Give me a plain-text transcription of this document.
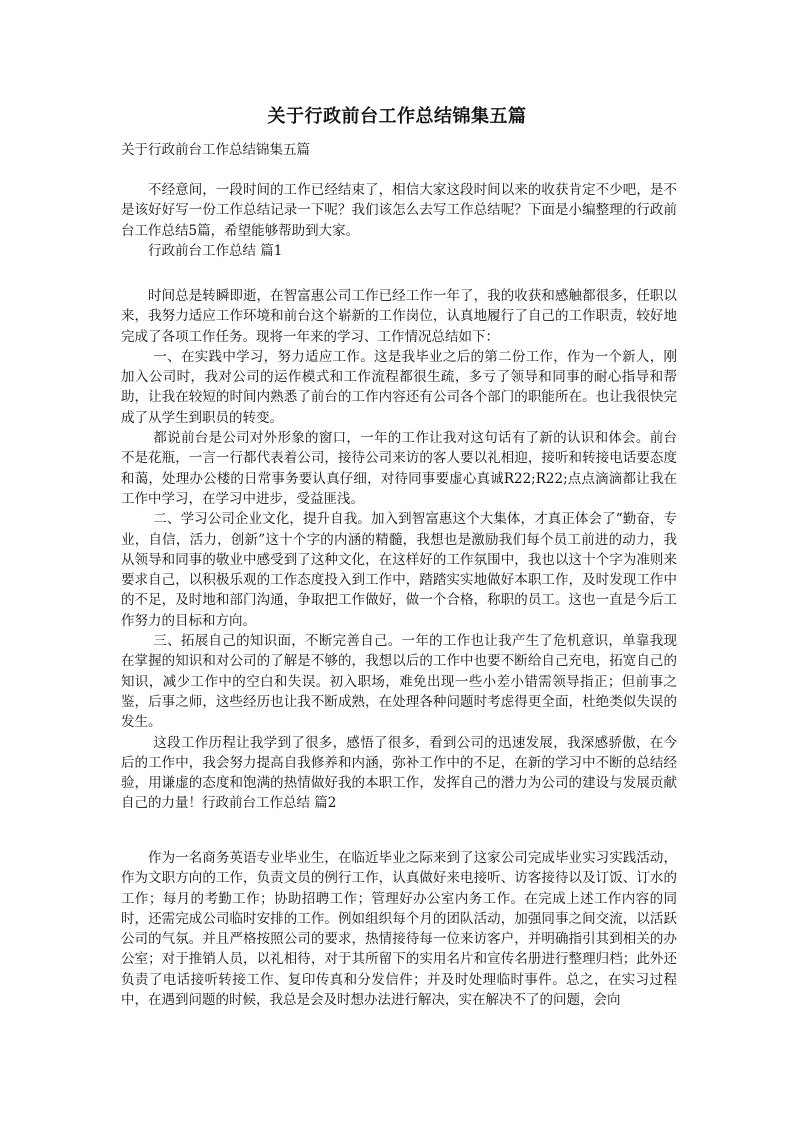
关于行政前台工作总结锦集五篇
关于行政前台工作总结锦集五篇

不经意间，一段时间的工作已经结束了，相信大家这段时间以来的收获肯定不少吧，是不是该好好写一份工作总结记录一下呢？我们该怎么去写工作总结呢？下面是小编整理的行政前台工作总结5篇，希望能够帮助到大家。

行政前台工作总结 篇1

时间总是转瞬即逝，在智富惠公司工作已经工作一年了，我的收获和感触都很多，任职以来，我努力适应工作环境和前台这个崭新的工作岗位，认真地履行了自己的工作职责，较好地完成了各项工作任务。现将一年来的学习、工作情况总结如下：

一、在实践中学习，努力适应工作。这是我毕业之后的第二份工作，作为一个新人，刚加入公司时，我对公司的运作模式和工作流程都很生疏，多亏了领导和同事的耐心指导和帮助，让我在较短的时间内熟悉了前台的工作内容还有公司各个部门的职能所在。也让我很快完成了从学生到职员的转变。

都说前台是公司对外形象的窗口，一年的工作让我对这句话有了新的认识和体会。前台不是花瓶，一言一行都代表着公司，接待公司来访的客人要以礼相迎，接听和转接电话要态度和蔼，处理办公楼的日常事务要认真仔细，对待同事要虚心真诚R22;R22;点点滴滴都让我在工作中学习，在学习中进步，受益匪浅。

二、学习公司企业文化，提升自我。加入到智富惠这个大集体，才真正体会了“勤奋，专业，自信，活力，创新”这十个字的内涵的精髓，我想也是激励我们每个员工前进的动力，我从领导和同事的敬业中感受到了这种文化，在这样好的工作氛围中，我也以这十个字为准则来要求自己，以积极乐观的工作态度投入到工作中，踏踏实实地做好本职工作，及时发现工作中的不足，及时地和部门沟通，争取把工作做好，做一个合格，称职的员工。这也一直是今后工作努力的目标和方向。

三、拓展自己的知识面，不断完善自己。一年的工作也让我产生了危机意识，单靠我现在掌握的知识和对公司的了解是不够的，我想以后的工作中也要不断给自己充电，拓宽自己的知识，减少工作中的空白和失误。初入职场，难免出现一些小差小错需领导指正；但前事之鉴，后事之师，这些经历也让我不断成熟，在处理各种问题时考虑得更全面，杜绝类似失误的发生。

这段工作历程让我学到了很多，感悟了很多，看到公司的迅速发展，我深感骄傲，在今后的工作中，我会努力提高自我修养和内涵，弥补工作中的不足，在新的学习中不断的总结经验，用谦虚的态度和饱满的热情做好我的本职工作，发挥自己的潜力为公司的建设与发展贡献自己的力量！行政前台工作总结 篇2

作为一名商务英语专业毕业生，在临近毕业之际来到了这家公司完成毕业实习实践活动，作为文职方向的工作，负责文员的例行工作，认真做好来电接听、访客接待以及订饭、订水的工作；每月的考勤工作；协助招聘工作；管理好办公室内务工作。在完成上述工作内容的同时，还需完成公司临时安排的工作。例如组织每个月的团队活动，加强同事之间交流，以活跃公司的气氛。并且严格按照公司的要求，热情接待每一位来访客户，并明确指引其到相关的办公室；对于推销人员，以礼相待，对于其所留下的实用名片和宣传名册进行整理归档；此外还负责了电话接听转接工作、复印传真和分发信件；并及时处理临时事件。总之，在实习过程中，在遇到问题的时候，我总是会及时想办法进行解决，实在解决不了的问题，会向
